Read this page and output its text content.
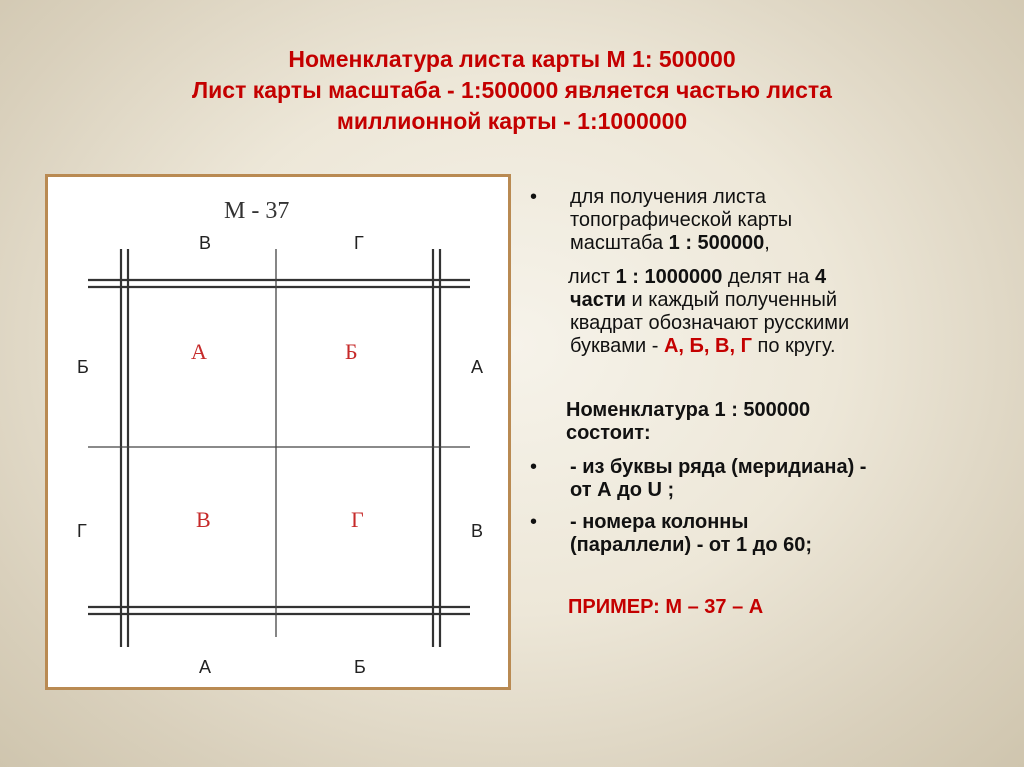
Номенклатура листа карты М 1: 500000
Лист карты масштаба - 1:500000 является частью листа
миллионной карты - 1:1000000
М - 37
В	Г
Б
Г
А
В
А	Б
А	Б
В	Г
• для получения листа
топографической карты
масштаба 1 : 500000,
лист 1 : 1000000 делят на 4
части и каждый полученный
квадрат обозначают русскими
буквами - А, Б, В, Г по кругу.
Номенклатура 1 : 500000
состоит:
• - из буквы ряда (меридиана) -
от А до U ;
• - номера колонны
(параллели) - от 1 до 60;
ПРИМЕР: М – 37 – А
